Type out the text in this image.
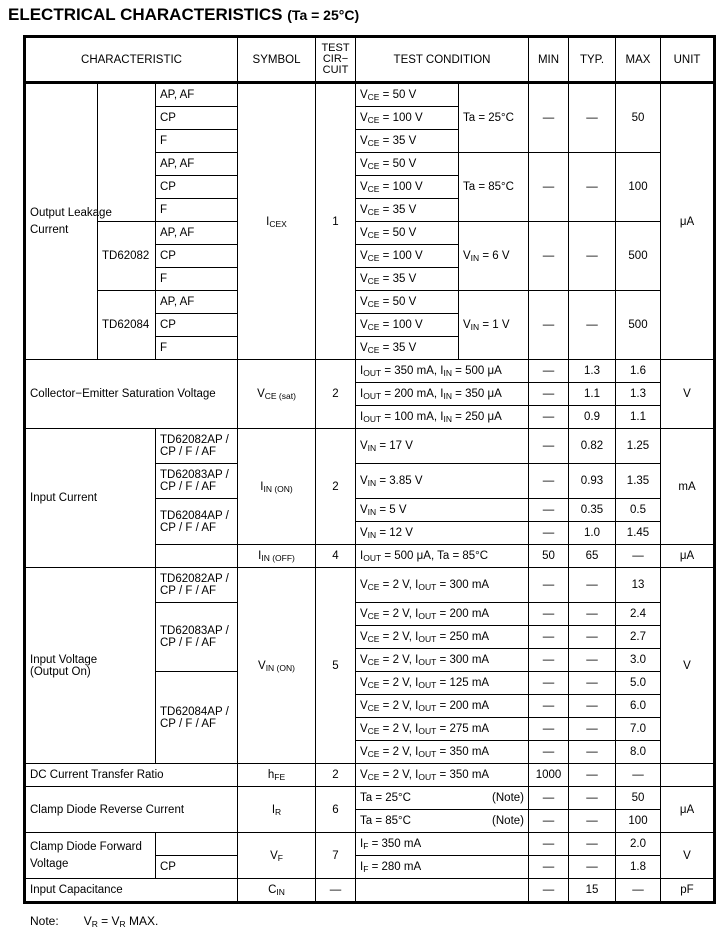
ELECTRICAL CHARACTERISTICS (Ta = 25°C)
CHARACTERISTIC			SYMBOL	TEST
CIR−
CUIT	TEST CONDITION		MIN	TYP.	MAX	UNIT

Output Leakage
Current		AP, AF	$I_{CEX}$	1	$V_{CE} = 50$ V	Ta = 25°C	—	—	50	μA
		CP			$V_{CE} = 100$ V					
		F			$V_{CE} = 35$ V					
		AP, AF			$V_{CE} = 50$ V	Ta = 85°C	—	—	100	
		CP			$V_{CE} = 100$ V					
		F			$V_{CE} = 35$ V					
	TD62082	AP, AF			$V_{CE} = 50$ V	$V_{IN} = 6$ V	—	—	500	
		CP			$V_{CE} = 100$ V					
		F			$V_{CE} = 35$ V					
	TD62084	AP, AF			$V_{CE} = 50$ V	$V_{IN} = 1$ V	—	—	500	
		CP			$V_{CE} = 100$ V					
		F			$V_{CE} = 35$ V					
Collector−Emitter Saturation Voltage			$V_{CE (sat)}$	2	$I_{OUT} = 350$ mA, $I_{IN} = 500$ μA		—	1.3	1.6	V
					$I_{OUT} = 200$ mA, $I_{IN} = 350$ μA		—	1.1	1.3	
					$I_{OUT} = 100$ mA, $I_{IN} = 250$ μA		—	0.9	1.1	
Input Current		TD62082AP /
CP / F / AF	$I_{IN (ON)}$	2	$V_{IN} = 17$ V		—	0.82	1.25	mA

		TD62083AP /
CP / F / AF			$V_{IN} = 3.85$ V		—	0.93	1.35	

		TD62084AP /
CP / F / AF			$V_{IN} = 5$ V		—	0.35	0.5	
					$V_{IN} = 12$ V		—	1.0	1.45	
			$I_{IN (OFF)}$	4	$I_{OUT} = 500$ μA, Ta = 85°C		50	65	—	μA

Input Voltage
(Output On)		TD62082AP /
CP / F / AF	$V_{IN (ON)}$	5	$V_{CE} = 2$ V, $I_{OUT} = 300$ mA		—	—	13	V

		TD62083AP /
CP / F / AF			$V_{CE} = 2$ V, $I_{OUT} = 200$ mA		—	—	2.4	
					$V_{CE} = 2$ V, $I_{OUT} = 250$ mA		—	—	2.7	
					$V_{CE} = 2$ V, $I_{OUT} = 300$ mA		—	—	3.0	

		TD62084AP /
CP / F / AF			$V_{CE} = 2$ V, $I_{OUT} = 125$ mA		—	—	5.0	
					$V_{CE} = 2$ V, $I_{OUT} = 200$ mA		—	—	6.0	
					$V_{CE} = 2$ V, $I_{OUT} = 275$ mA		—	—	7.0	
					$V_{CE} = 2$ V, $I_{OUT} = 350$ mA		—	—	8.0	
DC Current Transfer Ratio			$h_{FE}$	2	$V_{CE} = 2$ V, $I_{OUT} = 350$ mA		1000	—	—	
Clamp Diode Reverse Current			$I_R$	6	Ta = 25°C (Note)		—	—	50	μA

					Ta = 85°C (Note)		—	—	100	

Clamp Diode Forward
Voltage			$V_F$	7	$I_F = 350$ mA		—	—	2.0	V
		CP			$I_F = 280$ mA		—	—	1.8	
Input Capacitance			$C_{IN}$	—			—	15	—	pF
Note: $V_R = V_R$ MAX.
